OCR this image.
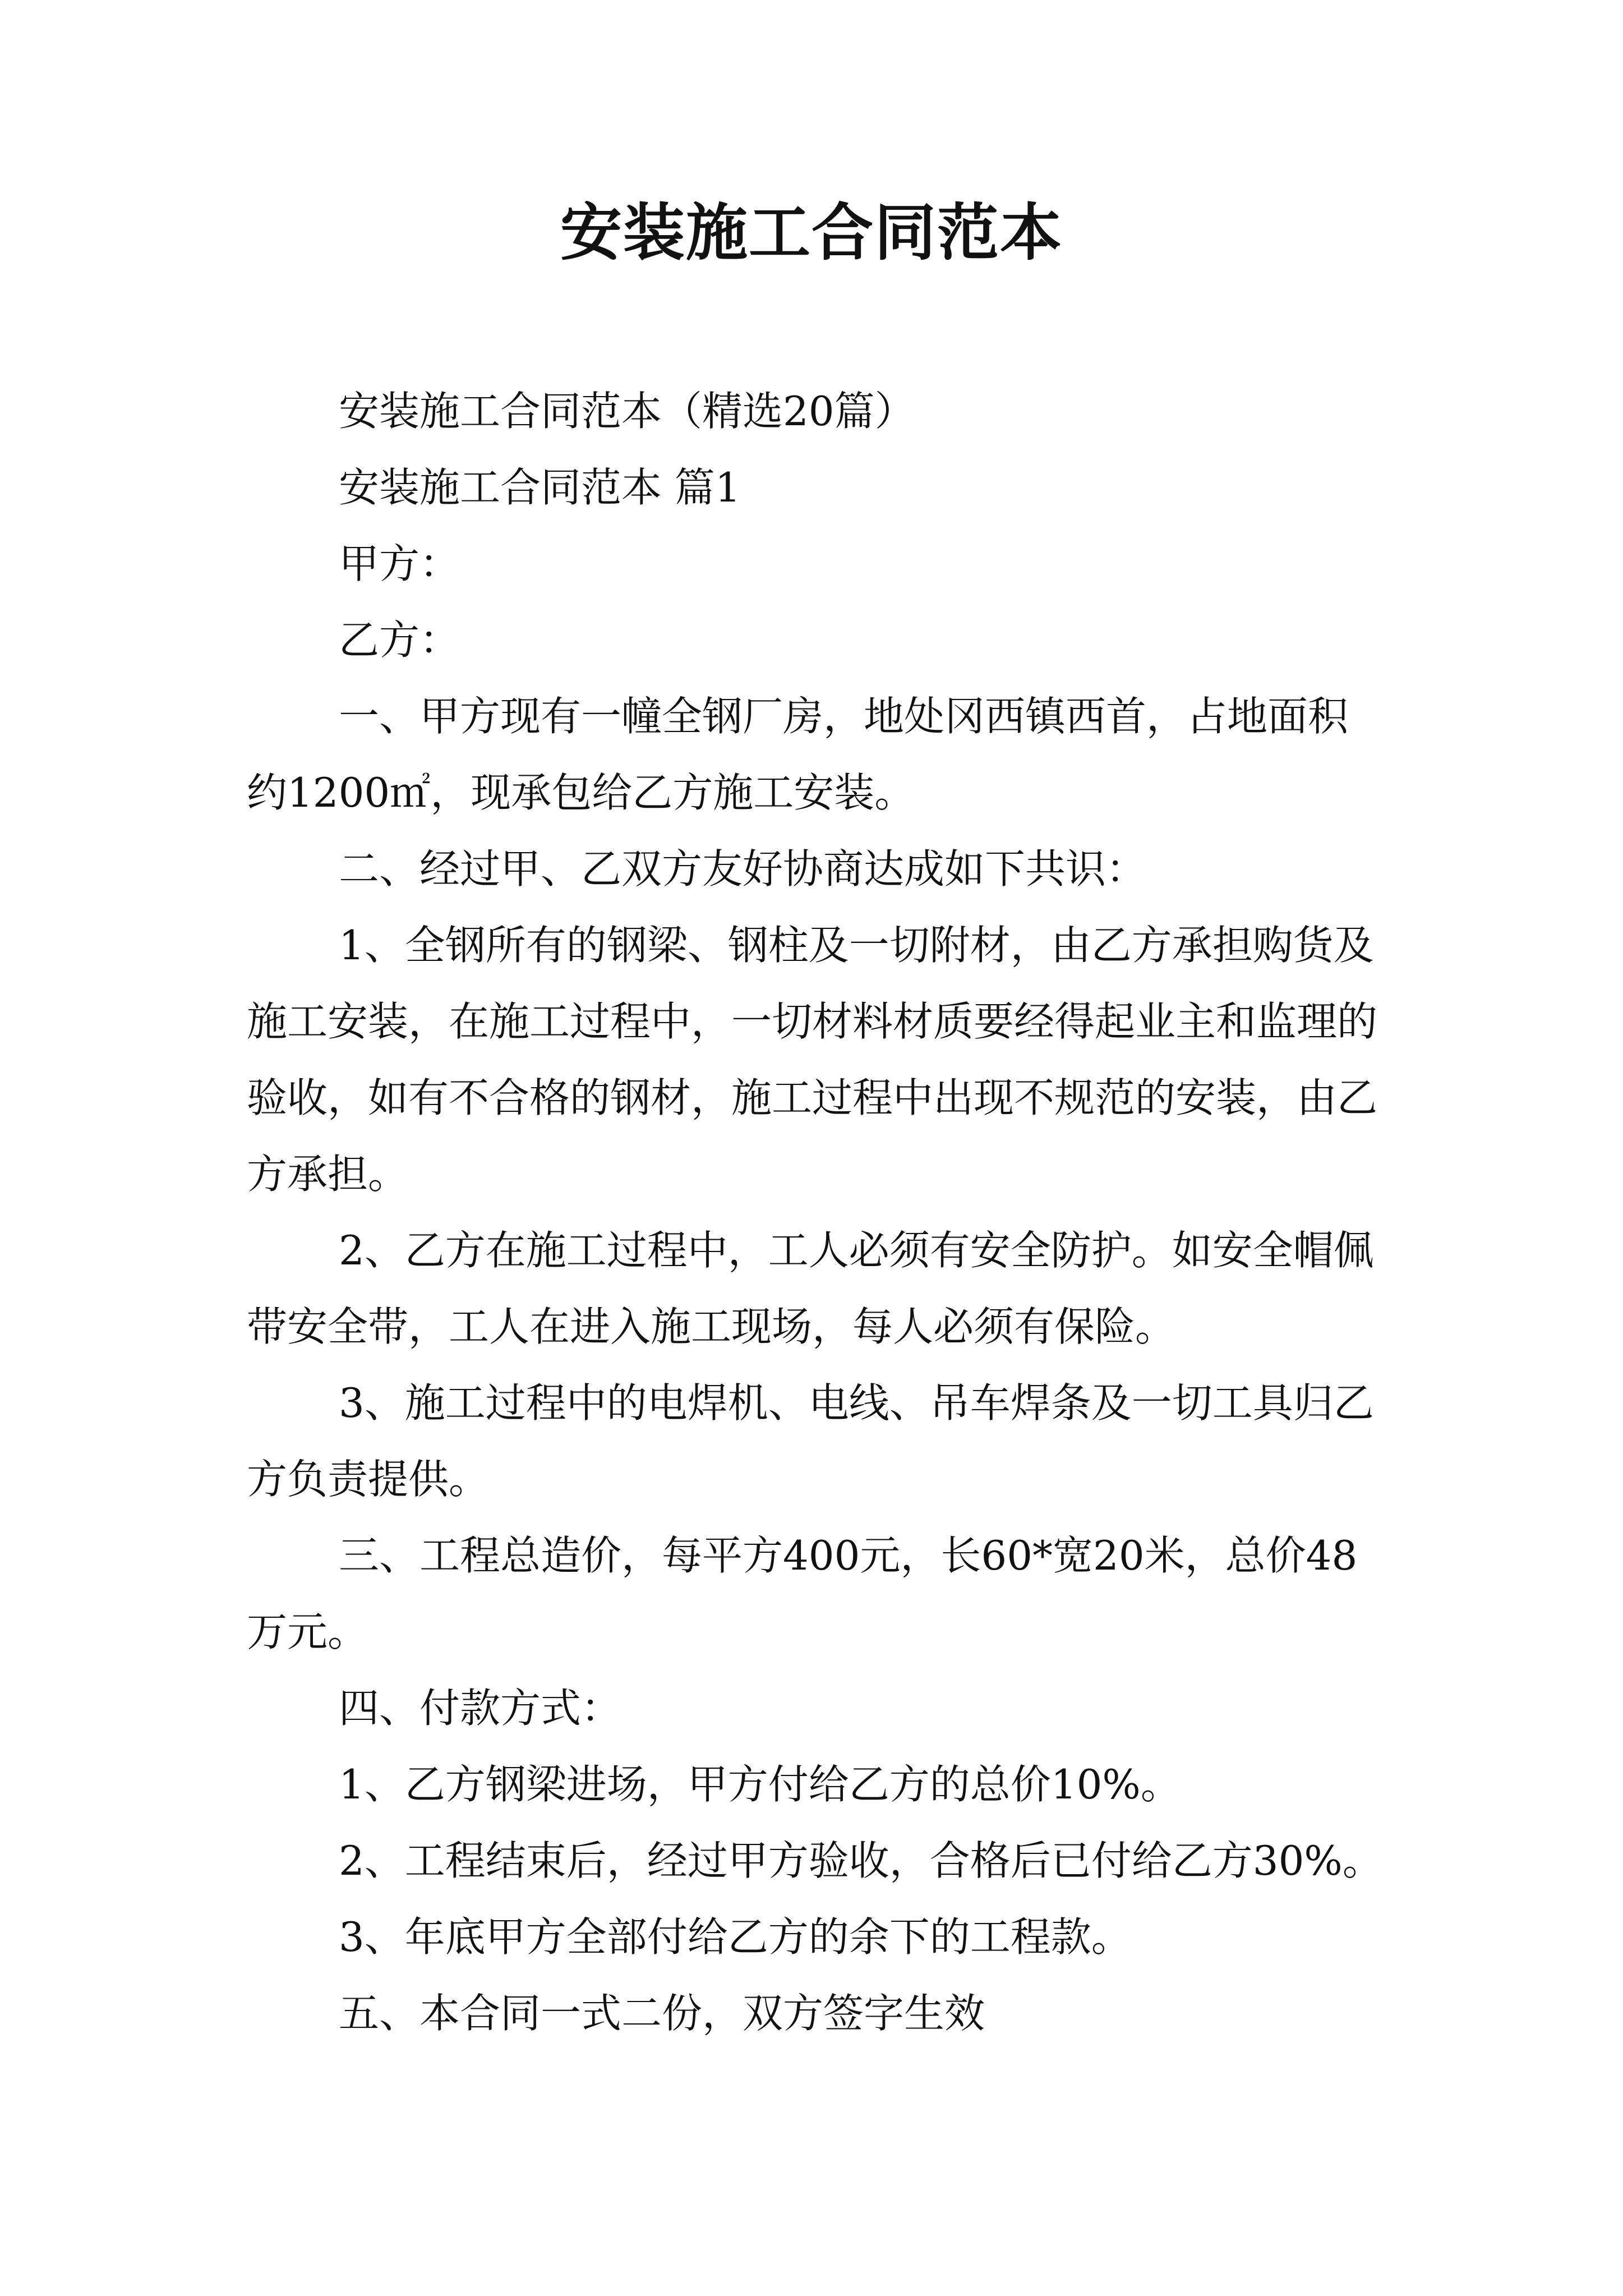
安装施工合同范本

安装施工合同范本（精选20篇）

安装施工合同范本 篇1

甲方：

乙方：

一、甲方现有一幢全钢厂房，地处冈西镇西首，占地面积约1200㎡，现承包给乙方施工安装。

二、经过甲、乙双方友好协商达成如下共识：

1、全钢所有的钢梁、钢柱及一切附材，由乙方承担购货及施工安装，在施工过程中，一切材料材质要经得起业主和监理的验收，如有不合格的钢材，施工过程中出现不规范的安装，由乙方承担。

2、乙方在施工过程中，工人必须有安全防护。如安全帽佩带安全带，工人在进入施工现场，每人必须有保险。

3、施工过程中的电焊机、电线、吊车焊条及一切工具归乙方负责提供。

三、工程总造价，每平方400元，长60*宽20米，总价48万元。

四、付款方式：

1、乙方钢梁进场，甲方付给乙方的总价10%。

2、工程结束后，经过甲方验收，合格后已付给乙方30%。

3、年底甲方全部付给乙方的余下的工程款。

五、本合同一式二份，双方签字生效
